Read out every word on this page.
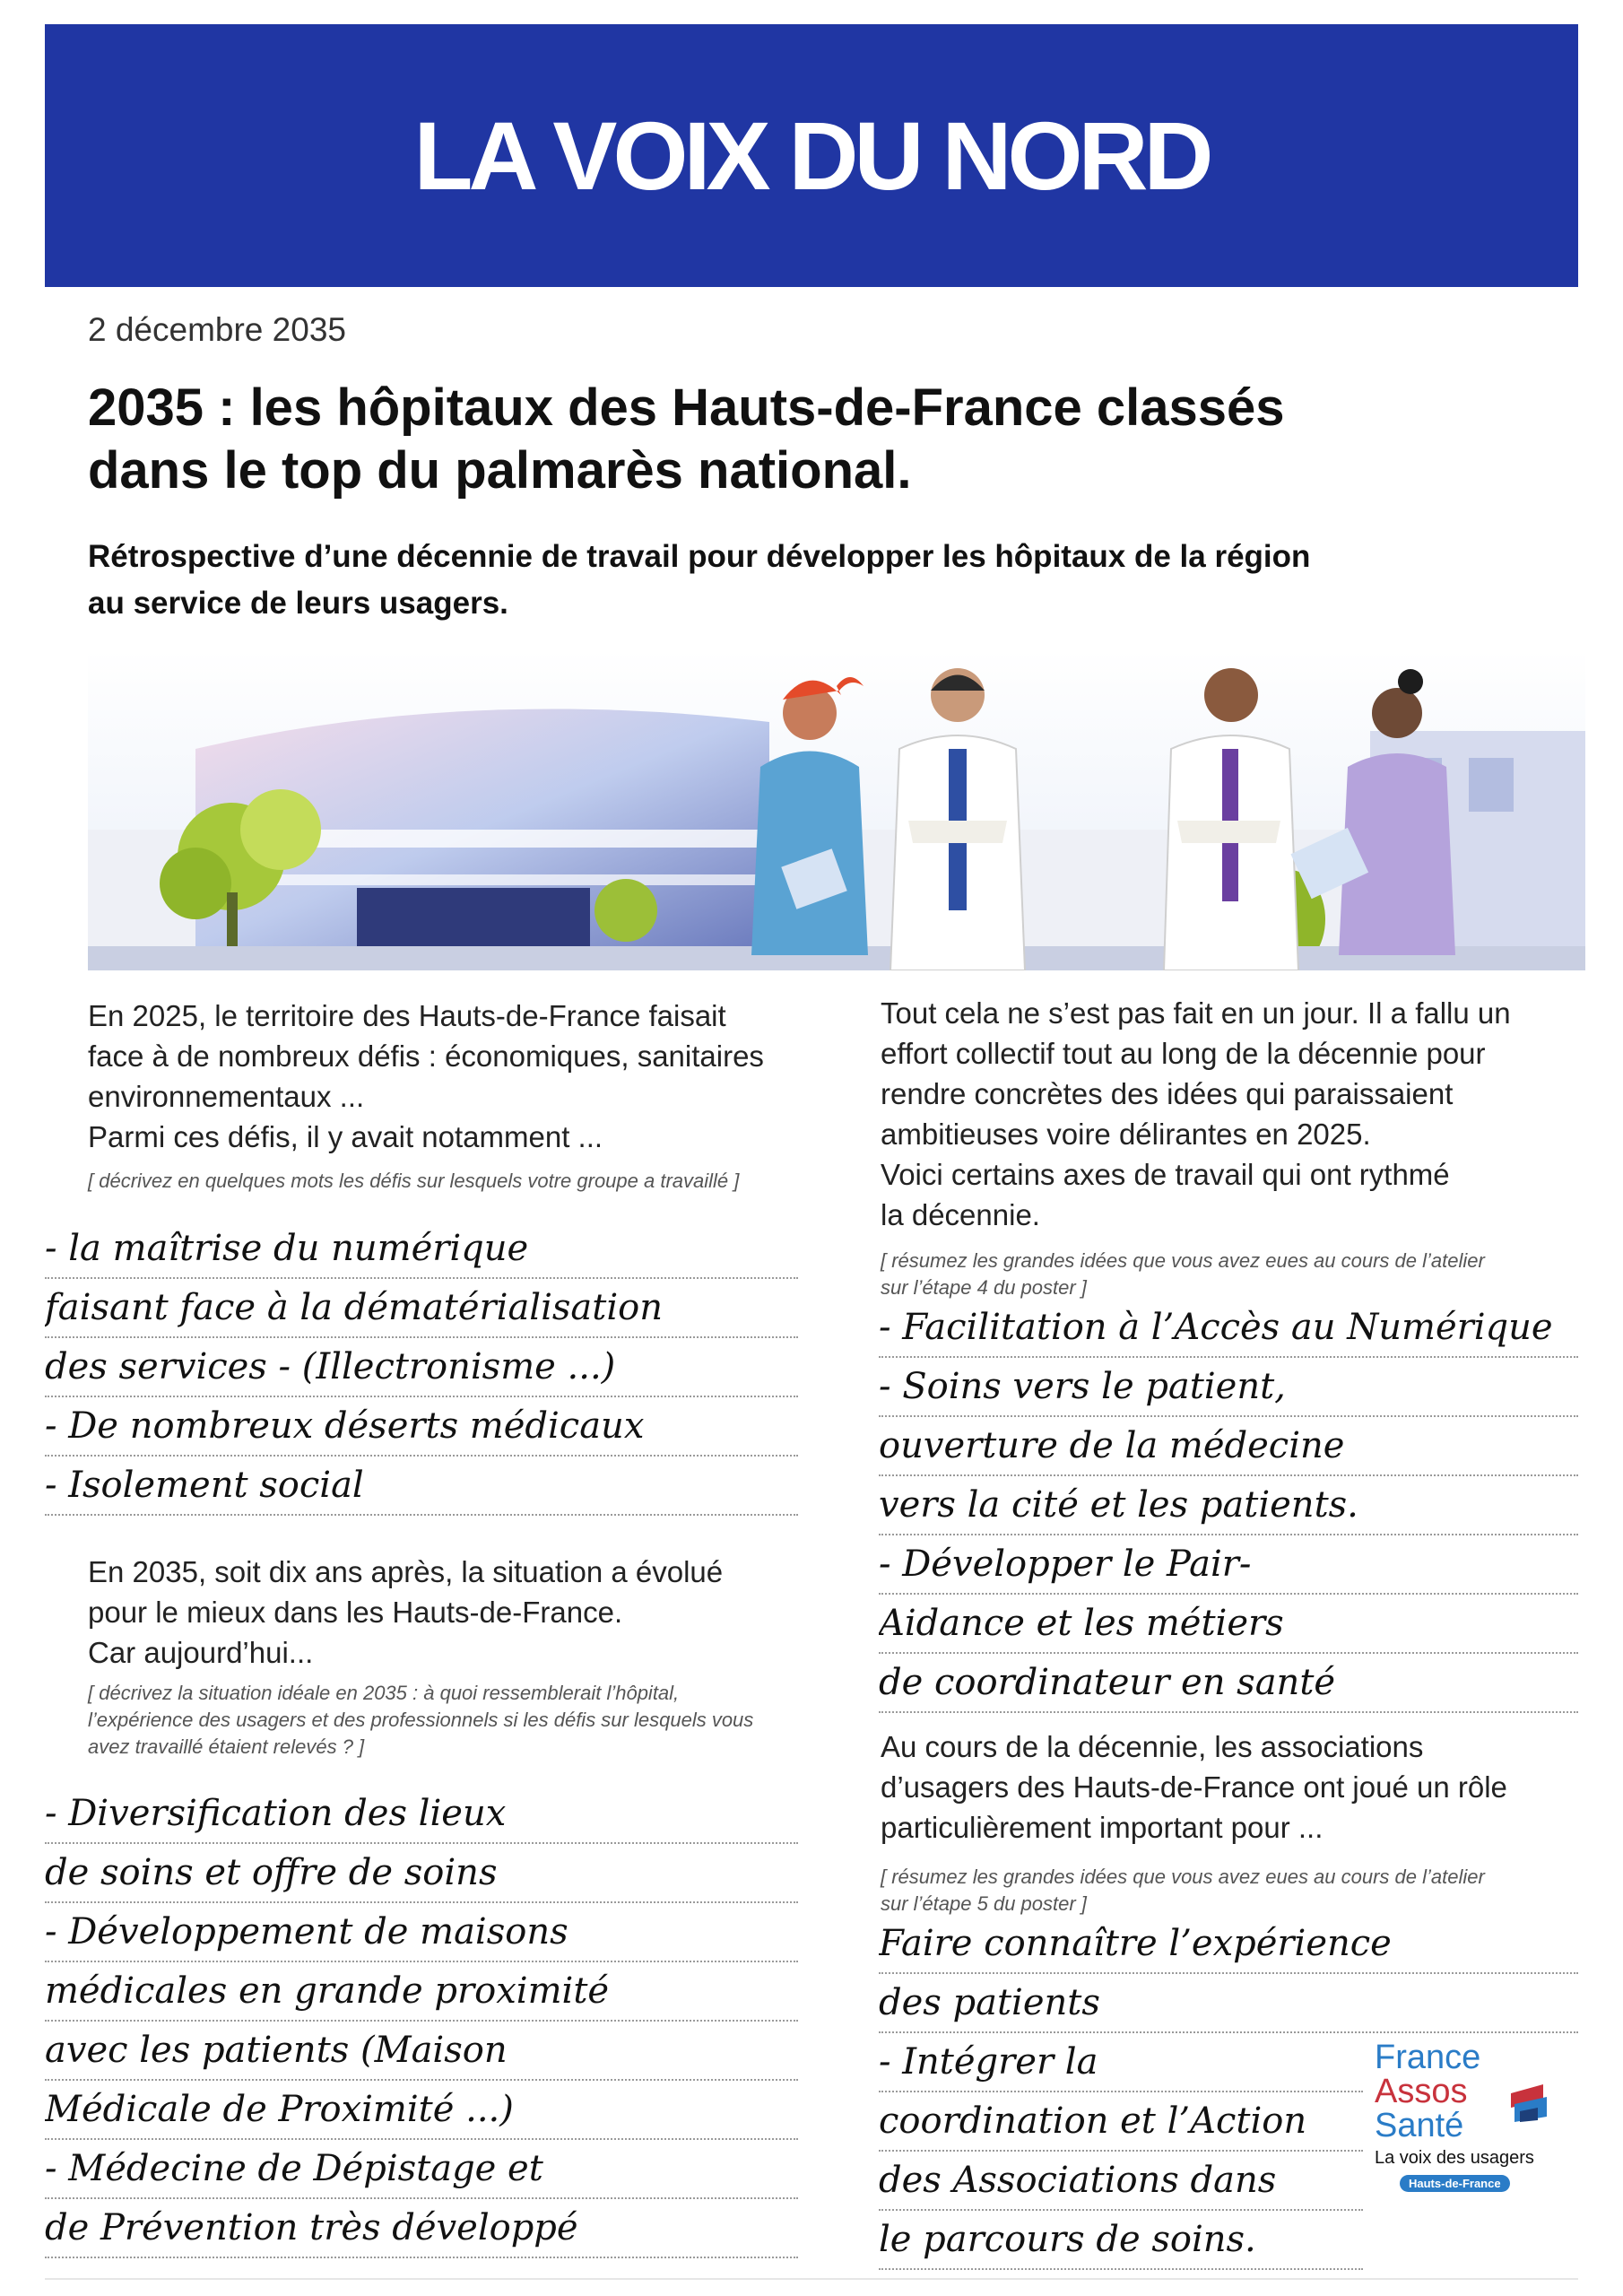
LA VOIX DU NORD
2 décembre 2035
2035 : les hôpitaux des Hauts-de-France classés
dans le top du palmarès national.
Rétrospective d’une décennie de travail pour développer les hôpitaux de la région
au service de leurs usagers.

En 2025, le territoire des Hauts-de-France faisait
face à de nombreux défis : économiques, sanitaires
environnementaux ...
Parmi ces défis, il y avait notamment ...

[ décrivez en quelques mots les défis sur lesquels votre groupe a travaillé ]

- la maîtrise du numérique
faisant face à la dématérialisation
des services - (Illectronisme ...)
- De nombreux déserts médicaux
- Isolement social

En 2035, soit dix ans après, la situation a évolué
pour le mieux dans les Hauts-de-France.
Car aujourd’hui...

[ décrivez la situation idéale en 2035 : à quoi ressemblerait l’hôpital,
l’expérience des usagers et des professionnels si les défis sur lesquels vous
avez travaillé étaient relevés ? ]

- Diversification des lieux
de soins et offre de soins
- Développement de maisons
médicales en grande proximité
avec les patients (Maison
Médicale de Proximité ...)
- Médecine de Dépistage et
de Prévention très développé

Tout cela ne s’est pas fait en un jour. Il a fallu un
effort collectif tout au long de la décennie pour
rendre concrètes des idées qui paraissaient
ambitieuses voire délirantes en 2025.
Voici certains axes de travail qui ont rythmé
la décennie.

[ résumez les grandes idées que vous avez eues au cours de l’atelier
sur l’étape 4 du poster ]

- Facilitation à l’Accès au Numérique
- Soins vers le patient,
ouverture de la médecine
vers la cité et les patients.
- Développer le Pair-
Aidance et les métiers
de coordinateur en santé

Au cours de la décennie, les associations
d’usagers des Hauts-de-France ont joué un rôle
particulièrement important pour ...

[ résumez les grandes idées que vous avez eues au cours de l’atelier
sur l’étape 5 du poster ]

Faire connaître l’expérience
des patients
- Intégrer la
coordination et l’Action
des Associations dans
le parcours de soins.
France
Assos
Santé
La voix des usagers
Hauts-de-France
